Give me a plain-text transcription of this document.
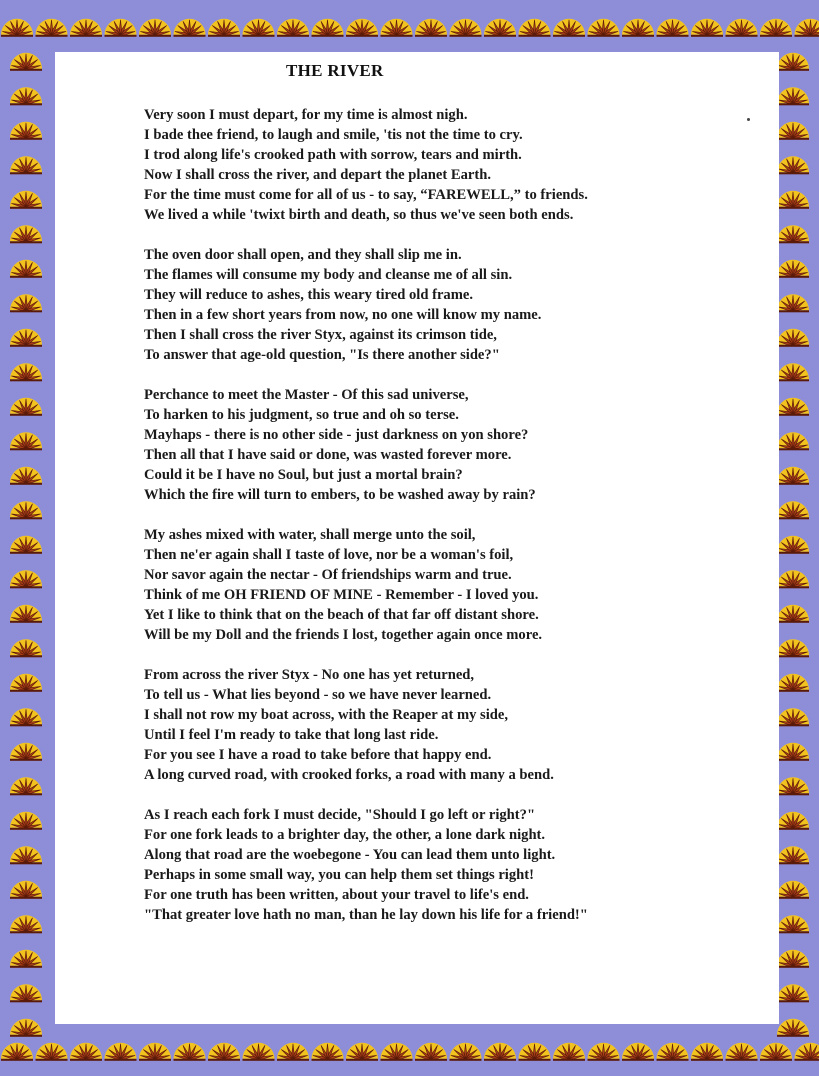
THE RIVER
Very soon I must depart, for my time is almost nigh.
I bade thee friend, to laugh and smile, 'tis not the time to cry.
I trod along life's crooked path with sorrow, tears and mirth.
Now I shall cross the river, and depart the planet Earth.
For the time must come for all of us - to say, “FAREWELL,” to friends.
We lived a while 'twixt birth and death, so thus we've seen both ends.
The oven door shall open, and they shall slip me in.
The flames will consume my body and cleanse me of all sin.
They will reduce to ashes, this weary tired old frame.
Then in a few short years from now, no one will know my name.
Then I shall cross the river Styx, against its crimson tide,
To answer that age-old question, "Is there another side?"
Perchance to meet the Master - Of this sad universe,
To harken to his judgment, so true and oh so terse.
Mayhaps - there is no other side - just darkness on yon shore?
Then all that I have said or done, was wasted forever more.
Could it be I have no Soul, but just a mortal brain?
Which the fire will turn to embers, to be washed away by rain?
My ashes mixed with water, shall merge unto the soil,
Then ne'er again shall I taste of love, nor be a woman's foil,
Nor savor again the nectar - Of friendships warm and true.
Think of me OH FRIEND OF MINE - Remember - I loved you.
Yet I like to think that on the beach of that far off distant shore.
Will be my Doll and the friends I lost, together again once more.
From across the river Styx - No one has yet returned,
To tell us - What lies beyond - so we have never learned.
I shall not row my boat across, with the Reaper at my side,
Until I feel I'm ready to take that long last ride.
For you see I have a road to take before that happy end.
A long curved road, with crooked forks, a road with many a bend.
As I reach each fork I must decide, "Should I go left or right?"
For one fork leads to a brighter day, the other, a lone dark night.
Along that road are the woebegone - You can lead them unto light.
Perhaps in some small way, you can help them set things right!
For one truth has been written, about your travel to life's end.
"That greater love hath no man, than he lay down his life for a friend!"
